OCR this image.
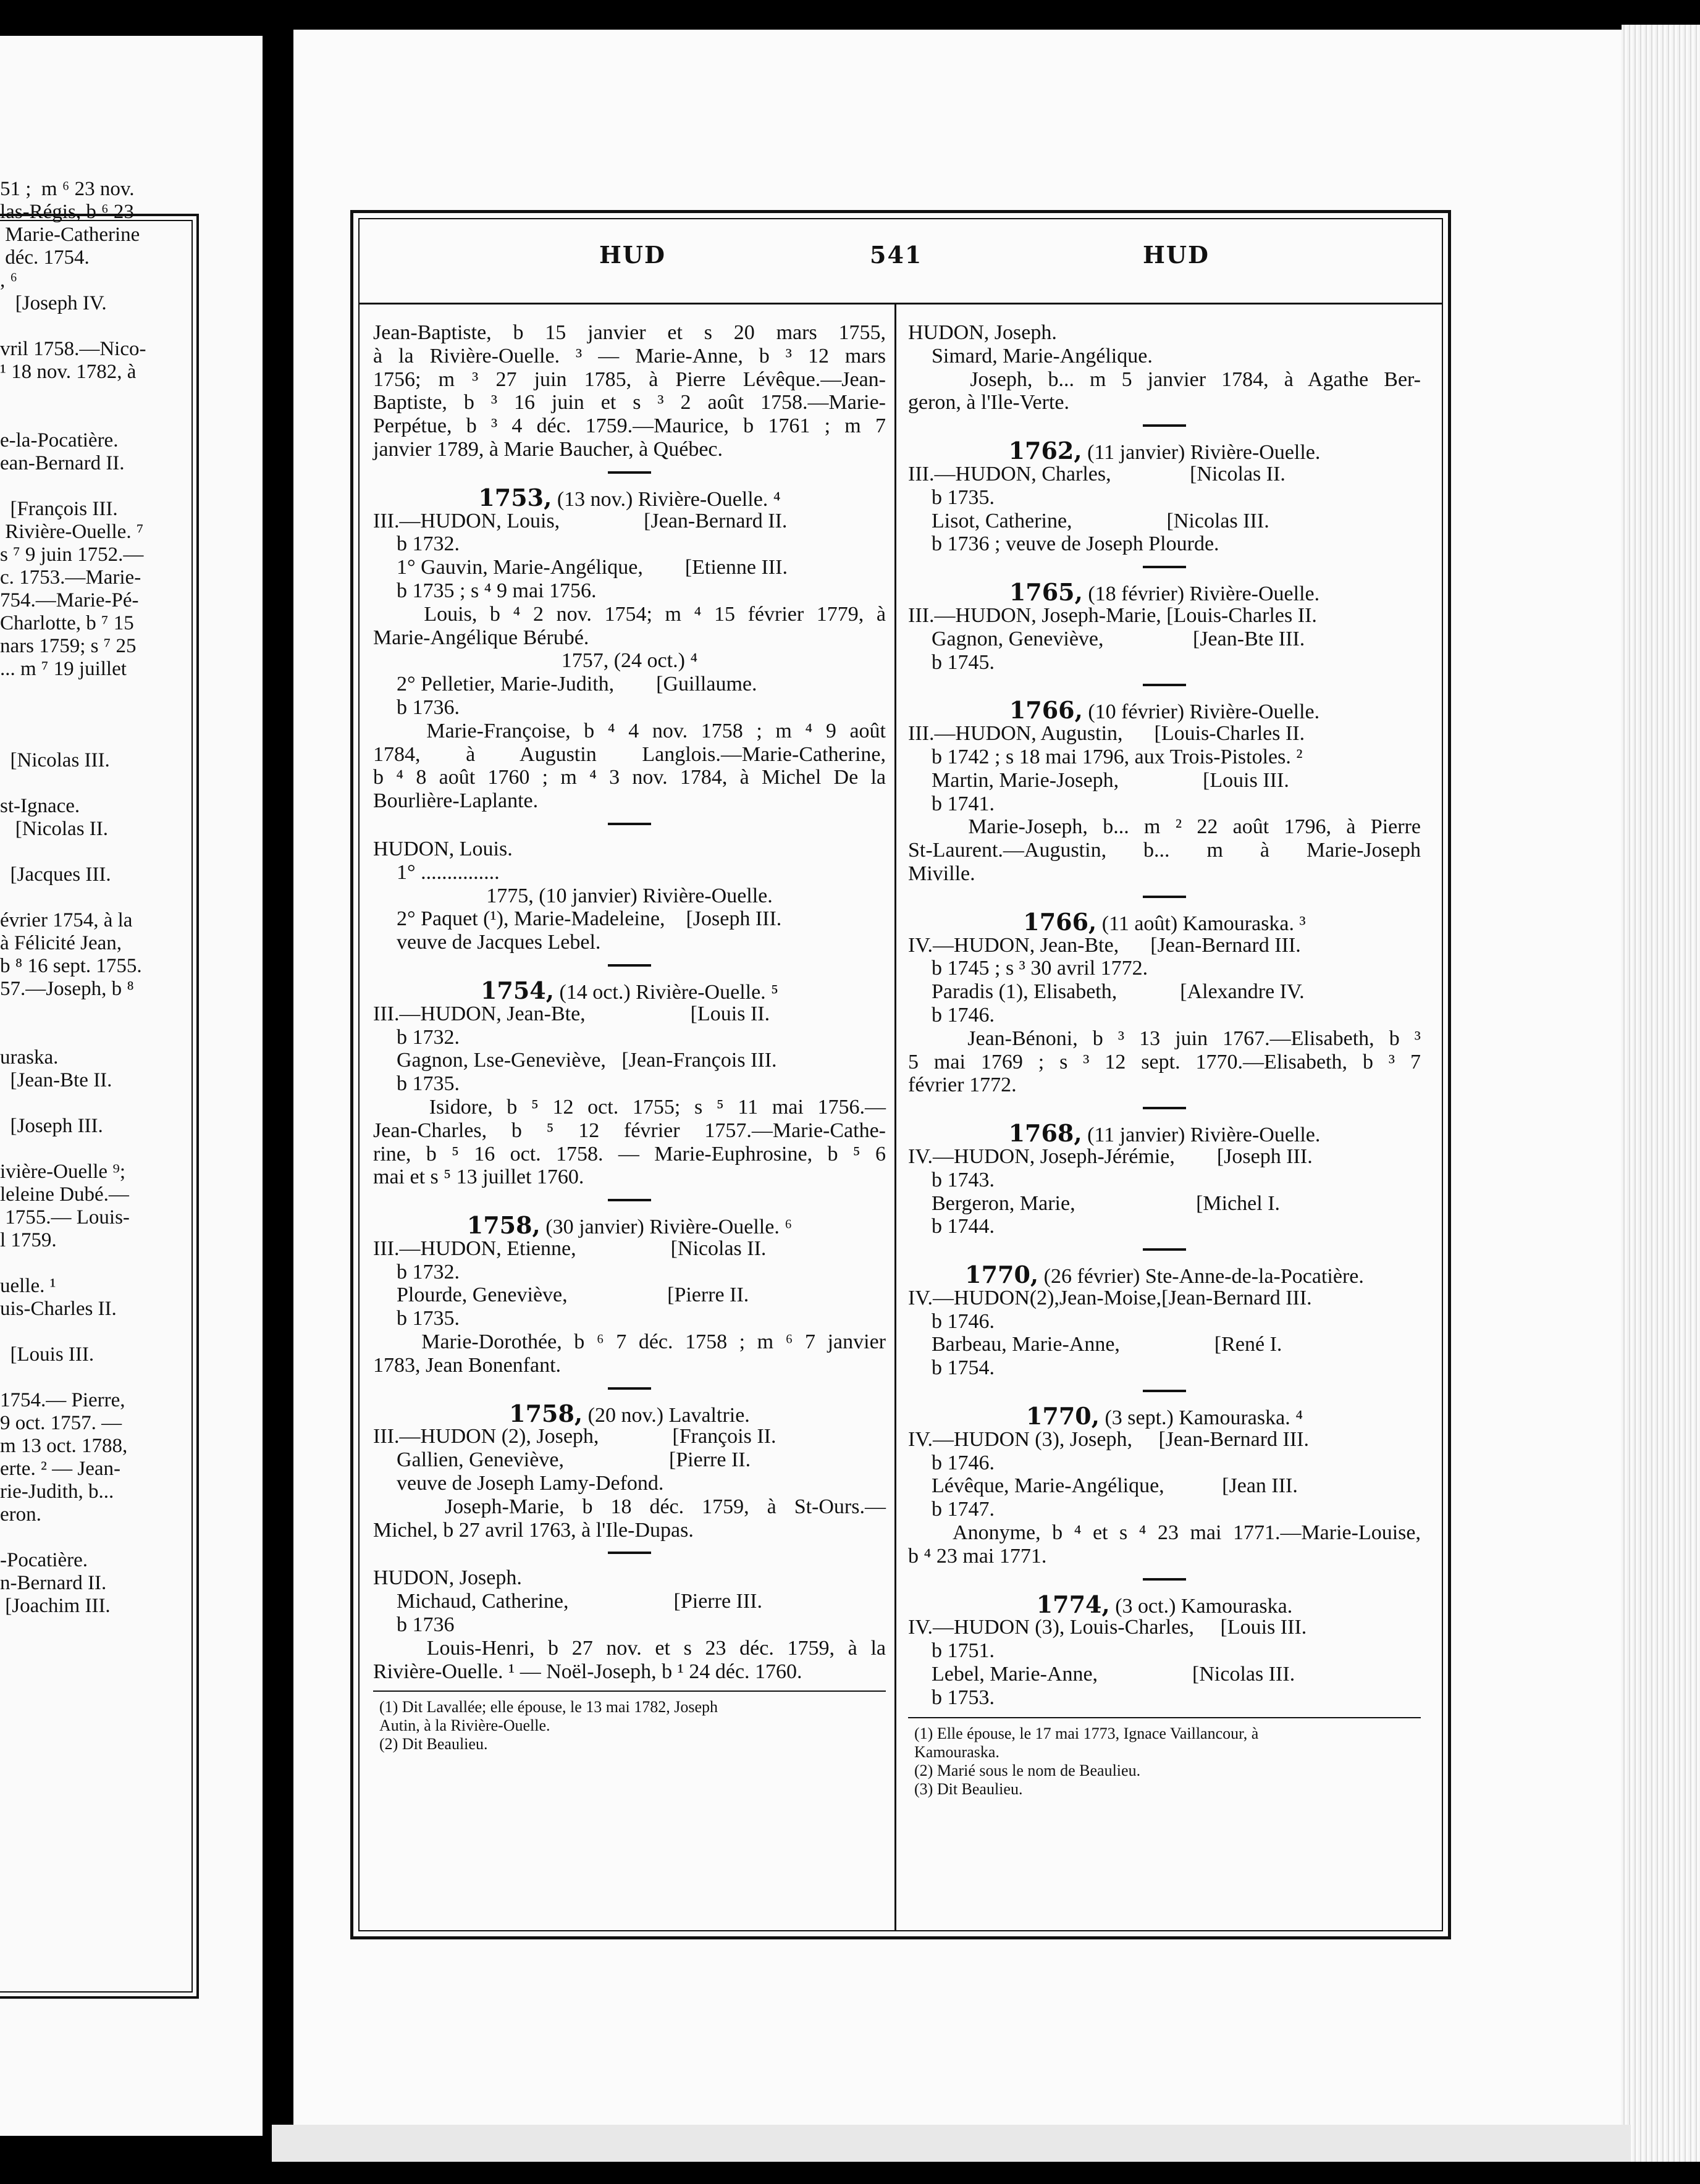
51 ;  m ⁶ 23 nov.
las-Régis, b ⁶ 23
Marie-Catherine
déc. 1754.
, ⁶
[Joseph IV.
vril 1758.—Nico-
¹ 18 nov. 1782, à
e-la-Pocatière.
ean-Bernard II.
[François III.
Rivière-Ouelle. ⁷
s ⁷ 9 juin 1752.—
c. 1753.—Marie-
754.—Marie-Pé-
Charlotte, b ⁷ 15
nars 1759; s ⁷ 25
... m ⁷ 19 juillet
[Nicolas III.
st-Ignace.
[Nicolas II.
[Jacques III.
évrier 1754, à la
à Félicité Jean,
b ⁸ 16 sept. 1755.
57.—Joseph, b ⁸
uraska.
[Jean-Bte II.
[Joseph III.
ivière-Ouelle ⁹;
leleine Dubé.—
1755.— Louis-
l 1759.
uelle. ¹
uis-Charles II.
[Louis III.
1754.— Pierre,
9 oct. 1757. —
m 13 oct. 1788,
erte. ² — Jean-
rie-Judith, b...
eron.
-Pocatière.
n-Bernard II.
[Joachim III.
HUD	541	HUD
Jean-Baptiste, b 15 janvier et s 20 mars 1755,
à la Rivière-Ouelle. ³ — Marie-Anne, b ³ 12 mars
1756; m ³ 27 juin 1785, à Pierre Lévêque.—Jean-
Baptiste, b ³ 16 juin et s ³ 2 août 1758.—Marie-
Perpétue, b ³ 4 déc. 1759.—Maurice, b 1761 ; m 7
janvier 1789, à Marie Baucher, à Québec.
1753, (13 nov.) Rivière-Ouelle. ⁴
III.—HUDON, Louis,                [Jean-Bernard II.
b 1732.
1° Gauvin, Marie-Angélique,        [Etienne III.
b 1735 ; s ⁴ 9 mai 1756.
Louis, b ⁴ 2 nov. 1754; m ⁴ 15 février 1779, à
Marie-Angélique Bérubé.
1757, (24 oct.) ⁴
2° Pelletier, Marie-Judith,        [Guillaume.
b 1736.
Marie-Françoise, b ⁴ 4 nov. 1758 ; m ⁴ 9 août
1784, à Augustin Langlois.—Marie-Catherine,
b ⁴ 8 août 1760 ; m ⁴ 3 nov. 1784, à Michel De la
Bourlière-Laplante.
HUDON, Louis.
1° ...............
1775, (10 janvier) Rivière-Ouelle.
2° Paquet (¹), Marie-Madeleine,    [Joseph III.
veuve de Jacques Lebel.
1754, (14 oct.) Rivière-Ouelle. ⁵
III.—HUDON, Jean-Bte,                    [Louis II.
b 1732.
Gagnon, Lse-Geneviève,   [Jean-François III.
b 1735.
Isidore, b ⁵ 12 oct. 1755; s ⁵ 11 mai 1756.—
Jean-Charles, b ⁵ 12 février 1757.—Marie-Cathe-
rine, b ⁵ 16 oct. 1758. — Marie-Euphrosine, b ⁵ 6
mai et s ⁵ 13 juillet 1760.
1758, (30 janvier) Rivière-Ouelle. ⁶
III.—HUDON, Etienne,                  [Nicolas II.
b 1732.
Plourde, Geneviève,                   [Pierre II.
b 1735.
Marie-Dorothée, b ⁶ 7 déc. 1758 ; m ⁶ 7 janvier
1783, Jean Bonenfant.
1758, (20 nov.) Lavaltrie.
III.—HUDON (2), Joseph,              [François II.
Gallien, Geneviève,                    [Pierre II.
veuve de Joseph Lamy-Defond.
Joseph-Marie, b 18 déc. 1759, à St-Ours.—
Michel, b 27 avril 1763, à l'Ile-Dupas.
HUDON, Joseph.
Michaud, Catherine,                    [Pierre III.
b 1736
Louis-Henri, b 27 nov. et s 23 déc. 1759, à la
Rivière-Ouelle. ¹ — Noël-Joseph, b ¹ 24 déc. 1760.
(1) Dit Lavallée; elle épouse, le 13 mai 1782, Joseph
Autin, à la Rivière-Ouelle.
(2) Dit Beaulieu.
HUDON, Joseph.
Simard, Marie-Angélique.
Joseph, b... m 5 janvier 1784, à Agathe Ber-
geron, à l'Ile-Verte.
1762, (11 janvier) Rivière-Ouelle.
III.—HUDON, Charles,               [Nicolas II.
b 1735.
Lisot, Catherine,                  [Nicolas III.
b 1736 ; veuve de Joseph Plourde.
1765, (18 février) Rivière-Ouelle.
III.—HUDON, Joseph-Marie, [Louis-Charles II.
Gagnon, Geneviève,                 [Jean-Bte III.
b 1745.
1766, (10 février) Rivière-Ouelle.
III.—HUDON, Augustin,      [Louis-Charles II.
b 1742 ; s 18 mai 1796, aux Trois-Pistoles. ²
Martin, Marie-Joseph,                [Louis III.
b 1741.
Marie-Joseph, b... m ² 22 août 1796, à Pierre
St-Laurent.—Augustin, b... m à Marie-Joseph
Miville.
1766, (11 août) Kamouraska. ³
IV.—HUDON, Jean-Bte,      [Jean-Bernard III.
b 1745 ; s ³ 30 avril 1772.
Paradis (1), Elisabeth,            [Alexandre IV.
b 1746.
Jean-Bénoni, b ³ 13 juin 1767.—Elisabeth, b ³
5 mai 1769 ; s ³ 12 sept. 1770.—Elisabeth, b ³ 7
février 1772.
1768, (11 janvier) Rivière-Ouelle.
IV.—HUDON, Joseph-Jérémie,        [Joseph III.
b 1743.
Bergeron, Marie,                       [Michel I.
b 1744.
1770, (26 février) Ste-Anne-de-la-Pocatière.
IV.—HUDON(2),Jean-Moise,[Jean-Bernard III.
b 1746.
Barbeau, Marie-Anne,                  [René I.
b 1754.
1770, (3 sept.) Kamouraska. ⁴
IV.—HUDON (3), Joseph,     [Jean-Bernard III.
b 1746.
Lévêque, Marie-Angélique,           [Jean III.
b 1747.
Anonyme, b ⁴ et s ⁴ 23 mai 1771.—Marie-Louise,
b ⁴ 23 mai 1771.
1774, (3 oct.) Kamouraska.
IV.—HUDON (3), Louis-Charles,     [Louis III.
b 1751.
Lebel, Marie-Anne,                  [Nicolas III.
b 1753.
(1) Elle épouse, le 17 mai 1773, Ignace Vaillancour, à
Kamouraska.
(2) Marié sous le nom de Beaulieu.
(3) Dit Beaulieu.
